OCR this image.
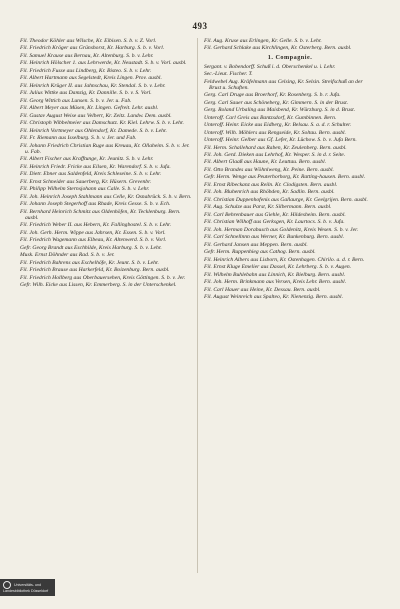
493
Fil. Theodor Köhler aus Wilsche, Kr. Eibisen. S. b. v. Z. Vorl.
Fil. Friedrich Kröger aus Grünshorst, Kr. Harburg. S. b. v. Vorl.
Fil. Samuel Krause aus Bernau, Kr. Altenburg. S. b. v. Lehr.
Fil. Heinrich Hölscher 1. aus Lehrwerde, Kr. Neustadt. S. b. v. Vorl. ausbl.
Fil. Friedrich Fusse aus Lindberg, Kr. Bisteo. S. b. v. Lehr.
Fil. Albert Hartmann aus Segelstedt, Kreis Lingen. Prov. ausbl.
Fil. Heinrich Krüger II. aus Jahnschau, Kr. Stendal. S. b. v. Lehr.
Fil. Julius Wittke aus Damzig, Kr. Dannille. S. b. v. S. Vorl.
Fil. Georg Wittich aus Lunsen. S. b. v. Jer. u. Fab.
Fil. Albert Meyer aus Müsen, Kr. Lingen. Gefreit. Lehr. ausbl.
Fil. Gustav August Weise aus Velbert, Kr. Zeitz. Landw. Dem. ausbl.
Fil. Christoph Wibbelmeier aus Damschutz. Kr. Kiel. Lehrw. S. b. v. Lehr.
Fil. Heinrich Vortmeyer aus Ohlendorf, Kr. Damede. S. b. v. Lehr.
Fil. Fr. Riemann aus Isselburg. S. b. v. Jer. und Fab.
Fil. Johann Friedrich Christian Ruge aus Kreuau, Kr. Ollaheim. S. b. v. Jer. u. Fab.
Fil. Albert Fischer aus Krafftunge, Kr. Jeunitz. S. b. v. Lehr.
Fil. Heinrich Friedr. Fricke aus Eilsen, Kr. Warendorf. S. b. v. Jufa.
Fil. Dietr. Ebner aus Saldenfeld, Kreis Schleseine. S. b. v. Lehr.
Fil. Ernst Schneider aus Sauerberg, Kr. Hüsern. Grevenbr.
Fil. Philipp Wilhelm Sternsjohann aus Calle. S. b. v. Lehr.
Fil. Joh. Heinrich Joseph Stahlmann aus Celle, Kr. Osnabrück. S. b. v. Bern.
Fil. Johann Joseph Stegerhoff aus Rhade, Kreis Gesse. S. b. v. Ech.
Fil. Bernhard Heinrich Schmitz aus Oldenhöfen, Kr. Tecklenburg. Bern. ausbl.
Fil. Friedrich Weber II. aus Hebern, Kr. Fallingbostel. S. b. v. Lehr.
Fil. Joh. Gerh. Herm. Wippe aus Jahrsen, Kr. Essen. S. b. v. Vorl.
Fil. Friedrich Wagemann aus Elbeau, Kr. Altenwerd. S. b. v. Vorl.
Gefr. Georg Brandt aus Eschhilde, Kreis Harburg. S. b. v. Lehr.
Musk. Ernst Döhnder aus Rad. S. b. v. Jer.
Fil. Friedrich Bahrens aus Eschelhöfe, Kr. Jeunt. S. b. v. Lehr.
Fil. Friedrich Brause aus Harkerfeld, Kr. Boizenburg. Bern. ausbl.
Fil. Friedrich Hollberg aus Oberbauersehen, Kreis Göttingen. S. b. v. Jer.
Gefr. Wilh. Eicke aus Lissen, Kr. Emmerberg. S. in der Unterschenkel.
Fil. Aug. Kruse aus Erlingen, Kr. Gelle. S. b. v. Lehr.
Fil. Gerhard Schlake aus Kirchlingen, Kr. Osterberg. Bern. ausbl.
1. Compagnie.
Sergant. v. Bobendorff. Schuß i. d. Oberschenkel u. i. Lehr.
Sec.-Lieut. Fischer. T.
Feldwebel Aug. Kräfelmann aus Celsing, Kr. Selsin. Streifschuß an der Brust u. Schuften.
Gerg. Carl Druge aus Broerhorf, Kr. Rosenberg. S. b. r. Jufa.
Gerg. Carl Sauer aus Schöneberg, Kr. Gimmern. S. in der Brust.
Gerg. Roland Urbaling aus Maisbend, Kr. Würzburg. S. in d. Brust.
Unteroff. Carl Greis aus Bantzsdorf, Kr. Gumbinnen. Bern.
Unteroff. Heinr. Eicke aus Eidberg, Kr. Belsau. S. a. d. r. Schulter.
Unteroff. Wilh. Möhlers aus Rengseide, Kr. Soltau. Bern. ausbl.
Unteroff. Heinr. Gelber aus Gf. Lefer, Kr. Lüchow. S. b. v. Jufa Bern.
Fil. Herm. Schallehard aus Raben, Kr. Zeulenberg. Bern. ausbl.
Fil. Joh. Gerd. Dieken aus Lehrhof, Kr. Wesper. S. in d. r. Seite.
Fil. Albert Glaaß aus Haune, Kr. Leuttau. Bern. ausbl.
Fil. Otto Brandes aus Wöhnlweng, Kr. Peine. Bern. ausbl.
Gefr. Herm. Wenge aus Peuterhorhorg, Kr. Ratting-hausen. Bern. ausbl.
Fil. Ernst Ribeckanz aus Reiln. Kr. Clodigsten. Bern. ausbl.
Fil. Joh. Bluhenrich aus Rhöbden, Kr. Sadlin. Bern. ausbl.
Fil. Christian Duppenhofenis aus Gallaurge, Kr. Geelgrijen. Bern. ausbl.
Fil. Aug. Schulze aus Parst, Kr. Silbermann. Bern. ausbl.
Fil. Carl Behrenbauer aus Giehle, Kr. Hildesheim. Bern. ausbl.
Fil. Christian Wilhoff aus Gerksgen, Kr. Laurtocs. S. b. v. Jufa.
Fil. Joh. Herman Dorabusch aus Goldenitz, Kreis Wesen. S. b. v. Jer.
Fil. Carl Schnellnnn aus Werner, Kr. Bunkenburg. Bern. ausbl.
Fil. Gerhard Jansen aus Meppen. Bern. ausbl.
Gefr. Herm. Ruppenhieg aus Cathog. Bern. ausbl.
Fil. Heinrich Albers aus Lisborn, Kr. Ostenhagen. Chirilo. a. d. r. Bern.
Fil. Ernst Kluge Emelier aus Dassel, Kr. Lehrberg. S. b. v. Augen.
Fil. Wilhelm Buhlebahn aus Linnich, Kr. Bielburg. Bern. ausbl.
Fil. Joh. Herm. Brinkmann aus Versen, Kreis Lehr. Bern. ausbl.
Fil. Carl Hauer aus Heine, Kr. Dessau. Bern. ausbl.
Fil. August Weinreich aus Spalteo, Kr. Nienenzig. Bern. ausbl.
Universitäts- und
Landesbibliothek Düsseldorf
